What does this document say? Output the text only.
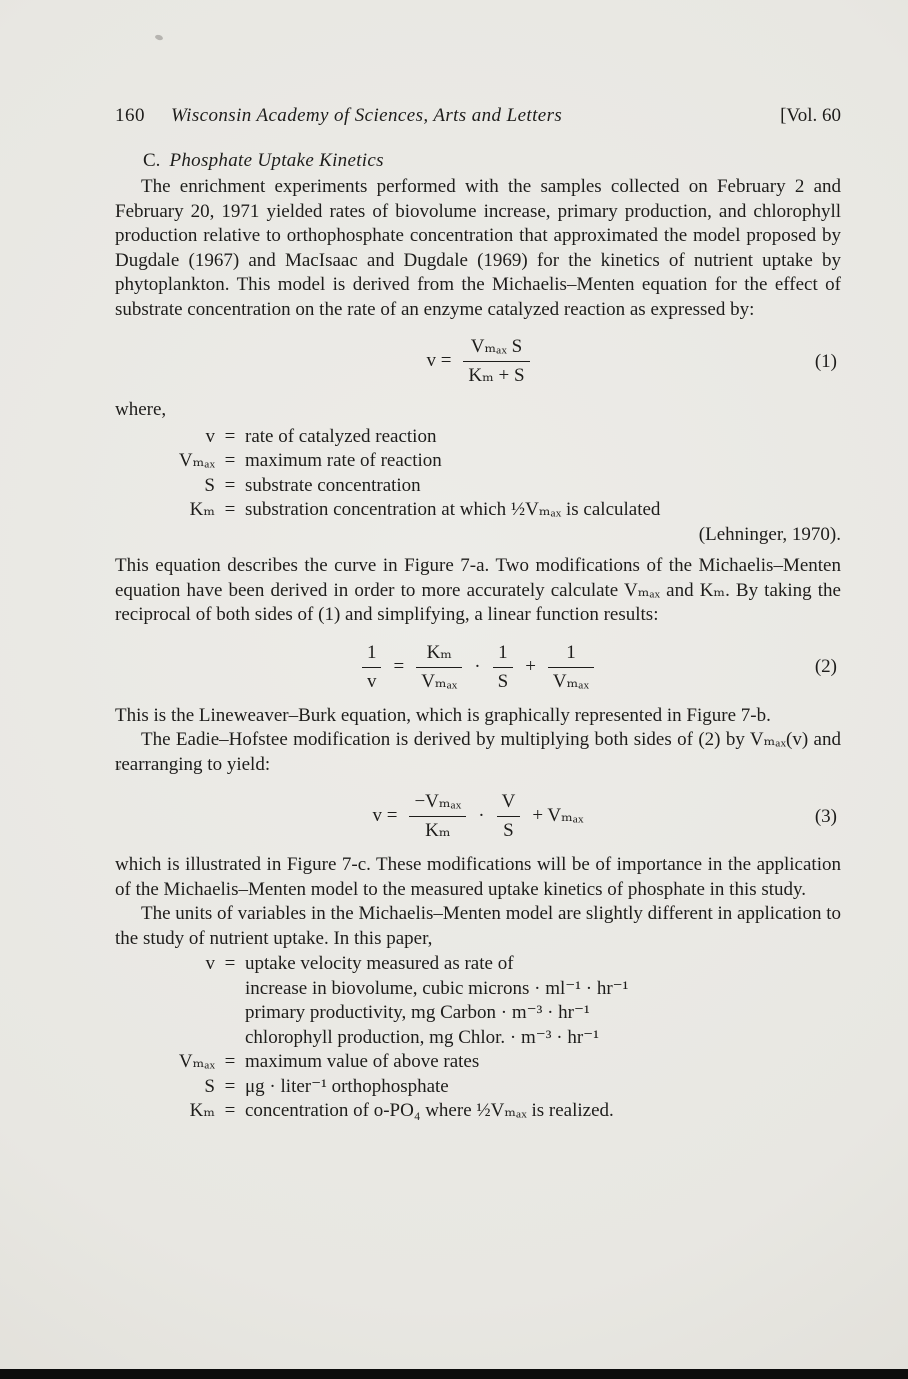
160 Wisconsin Academy of Sciences, Arts and Letters	[Vol. 60
C. Phosphate Uptake Kinetics

The enrichment experiments performed with the samples collected on February 2 and February 20, 1971 yielded rates of biovolume increase, primary production, and chlorophyll production relative to orthophosphate concentration that approximated the model proposed by Dugdale (1967) and MacIsaac and Dugdale (1969) for the kinetics of nutrient uptake by phytoplankton. This model is derived from the Michaelis–Menten equation for the effect of substrate concentration on the rate of an enzyme catalyzed reaction as expressed by:

$v = \frac{\text{Vₘₐₓ S}}{\text{Kₘ + S}}$	(1)

where,

v = rate of catalyzed reaction
Vₘₐₓ = maximum rate of reaction
S = substrate concentration
Kₘ = substration concentration at which ½Vₘₐₓ is calculated
(Lehninger, 1970).

This equation describes the curve in Figure 7-a. Two modifications of the Michaelis–Menten equation have been derived in order to more accurately calculate Vₘₐₓ and Kₘ. By taking the reciprocal of both sides of (1) and simplifying, a linear function results:

$\frac{1}{v} = \frac{\text{Kₘ}}{\text{Vₘₐₓ}} \cdot \frac{1}{S} + \frac{1}{\text{Vₘₐₓ}}$	(2)

This is the Lineweaver–Burk equation, which is graphically represented in Figure 7-b.

The Eadie–Hofstee modification is derived by multiplying both sides of (2) by Vₘₐₓ(v) and rearranging to yield:

$v = \frac{\text{−Vₘₐₓ}}{\text{Kₘ}} \cdot \frac{V}{S} + V_{max}$	(3)

which is illustrated in Figure 7-c. These modifications will be of importance in the application of the Michaelis–Menten model to the measured uptake kinetics of phosphate in this study.

The units of variables in the Michaelis–Menten model are slightly different in application to the study of nutrient uptake. In this paper,

v = uptake velocity measured as rate of
increase in biovolume, cubic microns · ml⁻¹ · hr⁻¹
primary productivity, mg Carbon · m⁻³ · hr⁻¹
chlorophyll production, mg Chlor. · m⁻³ · hr⁻¹
Vₘₐₓ = maximum value of above rates
S = μg · liter⁻¹ orthophosphate
Kₘ = concentration of o-PO₄ where ½Vₘₐₓ is realized.
